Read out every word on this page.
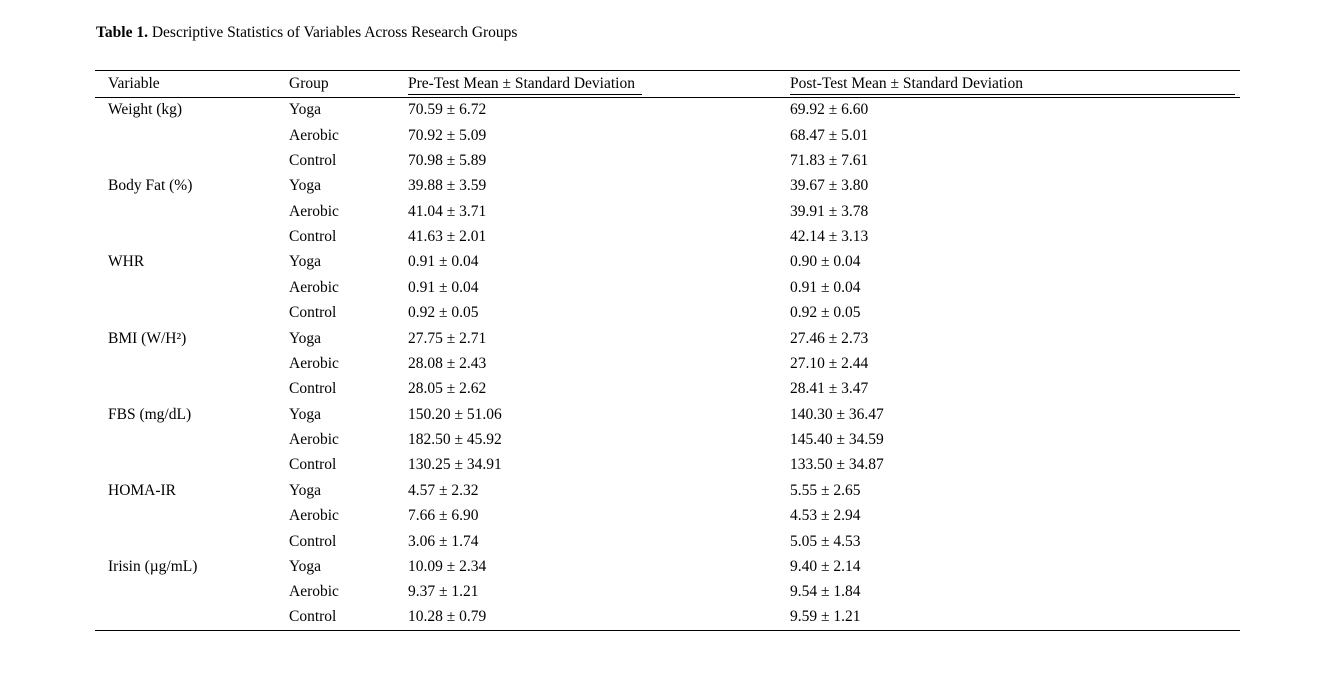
Table 1. Descriptive Statistics of Variables Across Research Groups
Variable	Group	Pre-Test Mean ± Standard Deviation	Post-Test Mean ± Standard Deviation
Weight (kg)	Yoga	70.59 ± 6.72	69.92 ± 6.60
	Aerobic	70.92 ± 5.09	68.47 ± 5.01
	Control	70.98 ± 5.89	71.83 ± 7.61
Body Fat (%)	Yoga	39.88 ± 3.59	39.67 ± 3.80
	Aerobic	41.04 ± 3.71	39.91 ± 3.78
	Control	41.63 ± 2.01	42.14 ± 3.13
WHR	Yoga	0.91 ± 0.04	0.90 ± 0.04
	Aerobic	0.91 ± 0.04	0.91 ± 0.04
	Control	0.92 ± 0.05	0.92 ± 0.05
BMI (W/H²)	Yoga	27.75 ± 2.71	27.46 ± 2.73
	Aerobic	28.08 ± 2.43	27.10 ± 2.44
	Control	28.05 ± 2.62	28.41 ± 3.47
FBS (mg/dL)	Yoga	150.20 ± 51.06	140.30 ± 36.47
	Aerobic	182.50 ± 45.92	145.40 ± 34.59
	Control	130.25 ± 34.91	133.50 ± 34.87
HOMA-IR	Yoga	4.57 ± 2.32	5.55 ± 2.65
	Aerobic	7.66 ± 6.90	4.53 ± 2.94
	Control	3.06 ± 1.74	5.05 ± 4.53
Irisin (µg/mL)	Yoga	10.09 ± 2.34	9.40 ± 2.14
	Aerobic	9.37 ± 1.21	9.54 ± 1.84
	Control	10.28 ± 0.79	9.59 ± 1.21
